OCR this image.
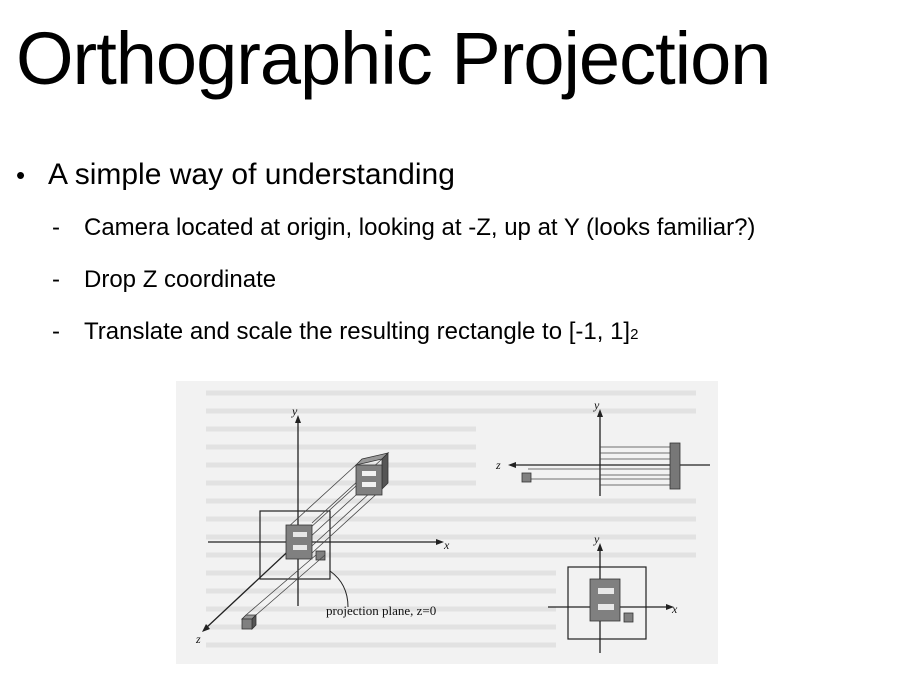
Orthographic Projection
• A simple way of understanding
-	Camera located at origin, looking at -Z, up at Y (looks familiar?)
-	Drop Z coordinate
-	Translate and scale the resulting rectangle to [-1, 1] 2
projection plane, z=0
y
x
z
y
z
y
x
